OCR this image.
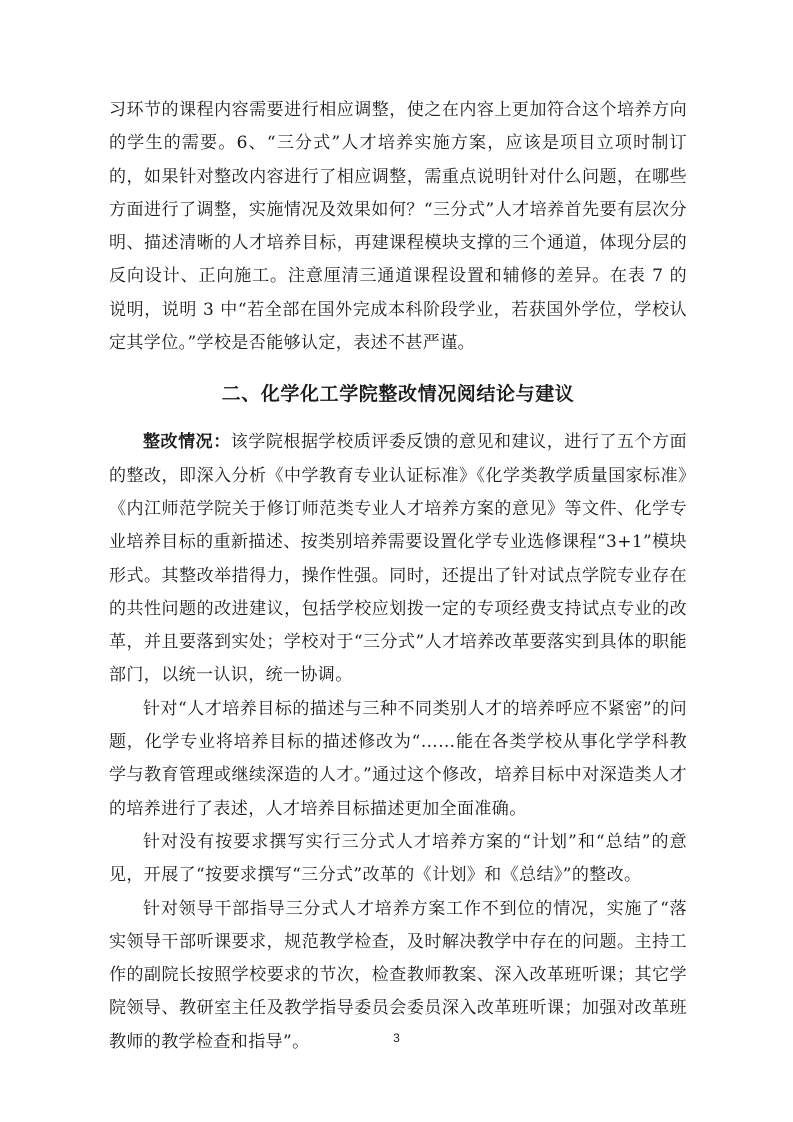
习环节的课程内容需要进行相应调整，使之在内容上更加符合这个培养方向的学生的需要。6、“三分式”人才培养实施方案，应该是项目立项时制订的，如果针对整改内容进行了相应调整，需重点说明针对什么问题，在哪些方面进行了调整，实施情况及效果如何？“三分式”人才培养首先要有层次分明、描述清晰的人才培养目标，再建课程模块支撑的三个通道，体现分层的反向设计、正向施工。注意厘清三通道课程设置和辅修的差异。在表 7 的说明，说明 3 中“若全部在国外完成本科阶段学业，若获国外学位，学校认定其学位。”学校是否能够认定，表述不甚严谨。

二、化学化工学院整改情况阅结论与建议

整改情况：该学院根据学校质评委反馈的意见和建议，进行了五个方面的整改，即深入分析《中学教育专业认证标准》《化学类教学质量国家标准》《内江师范学院关于修订师范类专业人才培养方案的意见》等文件、化学专业培养目标的重新描述、按类别培养需要设置化学专业选修课程“3+1”模块形式。其整改举措得力，操作性强。同时，还提出了针对试点学院专业存在的共性问题的改进建议，包括学校应划拨一定的专项经费支持试点专业的改革，并且要落到实处；学校对于“三分式”人才培养改革要落实到具体的职能部门，以统一认识，统一协调。

针对“人才培养目标的描述与三种不同类别人才的培养呼应不紧密”的问题，化学专业将培养目标的描述修改为“……能在各类学校从事化学学科教学与教育管理或继续深造的人才。”通过这个修改，培养目标中对深造类人才的培养进行了表述，人才培养目标描述更加全面准确。

针对没有按要求撰写实行三分式人才培养方案的“计划”和“总结”的意见，开展了“按要求撰写“三分式”改革的《计划》和《总结》”的整改。

针对领导干部指导三分式人才培养方案工作不到位的情况，实施了“落实领导干部听课要求，规范教学检查，及时解决教学中存在的问题。主持工作的副院长按照学校要求的节次，检查教师教案、深入改革班听课；其它学院领导、教研室主任及教学指导委员会委员深入改革班听课；加强对改革班教师的教学检查和指导”。	3
